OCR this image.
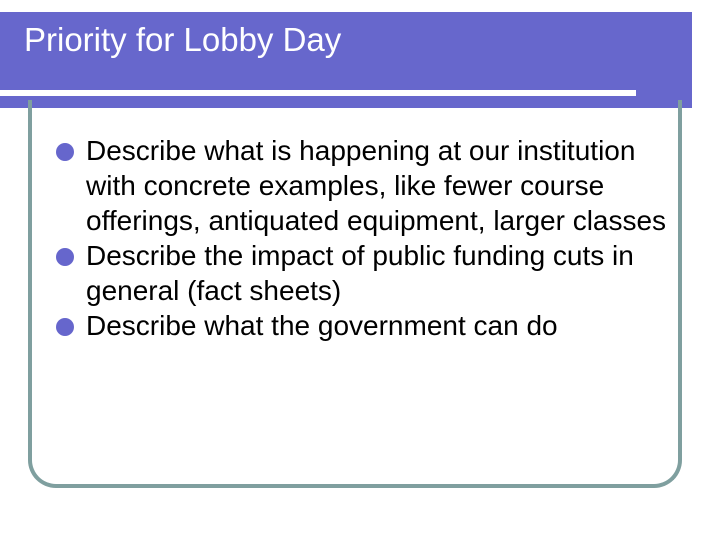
Priority for Lobby Day
Describe what is happening at our institution with concrete examples, like fewer course offerings, antiquated equipment, larger classes
Describe the impact of public funding cuts in general (fact sheets)
Describe what the government can do
